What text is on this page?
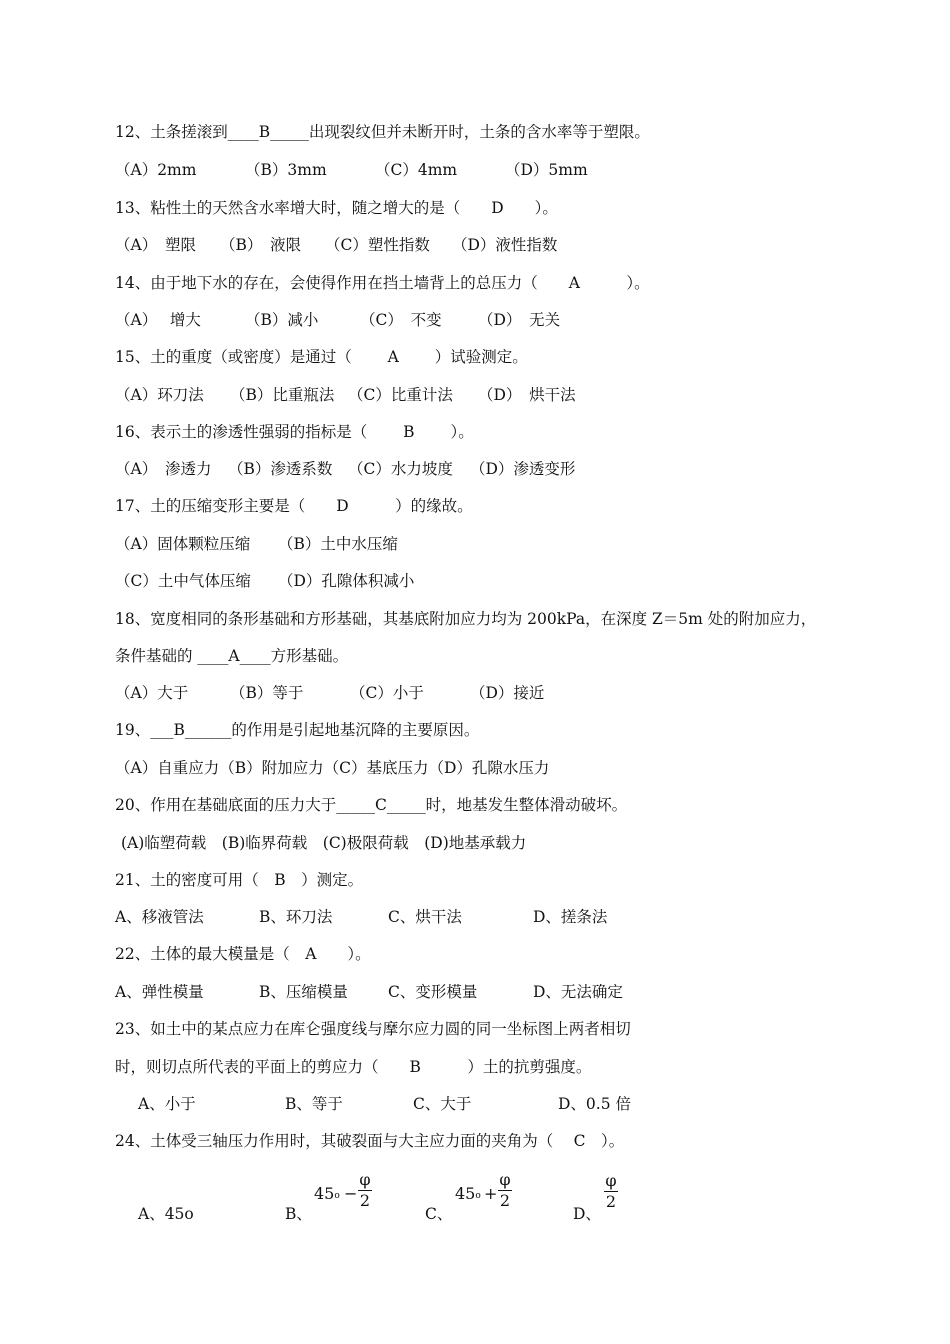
12、土条搓滚到____B_____出现裂纹但并未断开时，土条的含水率等于塑限。

（A）2mm

	（B）3mm

	（C）4mm

	（D）5mm

13、粘性土的天然含水率增大时，随之增大的是（　　D　　）。

（A）　塑限

（B）　液限

（C）塑性指数

（D）液性指数

14、由于地下水的存在，会使得作用在挡土墙背上的总压力（　　A　　　）。

（A）　 增大

	（B）减小

	（C）　不变

（D）　无关

15、土的重度（或密度）是通过（　　 A　　 ）试验测定。

（A）环刀法

（B）比重瓶法

（C）比重计法

（D）　烘干法

16、表示土的渗透性强弱的指标是（　　 B　　 ）。

（A）　渗透力

（B）渗透系数

（C）水力坡度

（D）渗透变形

17、土的压缩变形主要是（　　D　　　）的缘故。

（A）固体颗粒压缩

（B）土中水压缩

（C）土中气体压缩

（D）孔隙体积减小

18、宽度相同的条形基础和方形基础，其基底附加应力均为 200kPa，在深度 Z＝5m 处的附加应力，

条件基础的 ____A____方形基础。

（A）大于

	（B）等于

	（C）小于

	（D）接近

19、___B______的作用是引起地基沉降的主要原因。

（A）自重应力（B）附加应力（C）基底压力（D）孔隙水压力

20、作用在基础底面的压力大于_____C_____时，地基发生整体滑动破坏。

(A)临塑荷载　(B)临界荷载　(C)极限荷载　(D)地基承载力

21、土的密度可用（　B　）测定。

A、移液管法

	B、环刀法

	C、烘干法

	D、搓条法

22、土体的最大模量是（　A　　）。

A、弹性模量

	B、压缩模量

	C、变形模量

	D、无法确定

23、如土中的某点应力在库仑强度线与摩尔应力圆的同一坐标图上两者相切

时，则切点所代表的平面上的剪应力（　　B　　　）土的抗剪强度。

A、小于

	B、等于

	C、大于

	D、0.5 倍

24、土体受三轴压力作用时，其破裂面与大主应力面的夹角为（　 C　）。

A、45o

	B、

	C、

	D、

45o −
φ
2	45o +
φ
2
φ
2
